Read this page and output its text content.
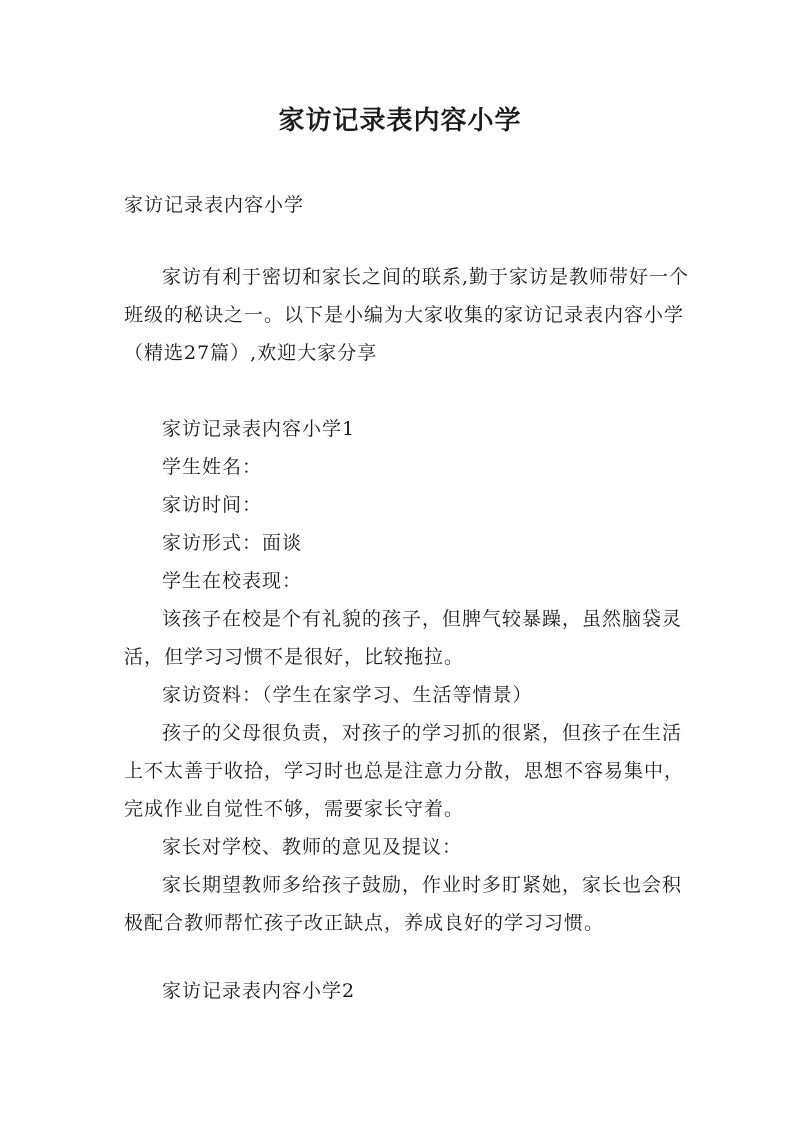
家访记录表内容小学

家访记录表内容小学

家访有利于密切和家长之间的联系,勤于家访是教师带好一个班级的秘诀之一。以下是小编为大家收集的家访记录表内容小学（精选27篇）,欢迎大家分享

家访记录表内容小学1

学生姓名：

家访时间：

家访形式：面谈

学生在校表现：

该孩子在校是个有礼貌的孩子，但脾气较暴躁，虽然脑袋灵活，但学习习惯不是很好，比较拖拉。

家访资料：（学生在家学习、生活等情景）

孩子的父母很负责，对孩子的学习抓的很紧，但孩子在生活上不太善于收拾，学习时也总是注意力分散，思想不容易集中，完成作业自觉性不够，需要家长守着。

家长对学校、教师的意见及提议：

家长期望教师多给孩子鼓励，作业时多盯紧她，家长也会积极配合教师帮忙孩子改正缺点，养成良好的学习习惯。

家访记录表内容小学2
